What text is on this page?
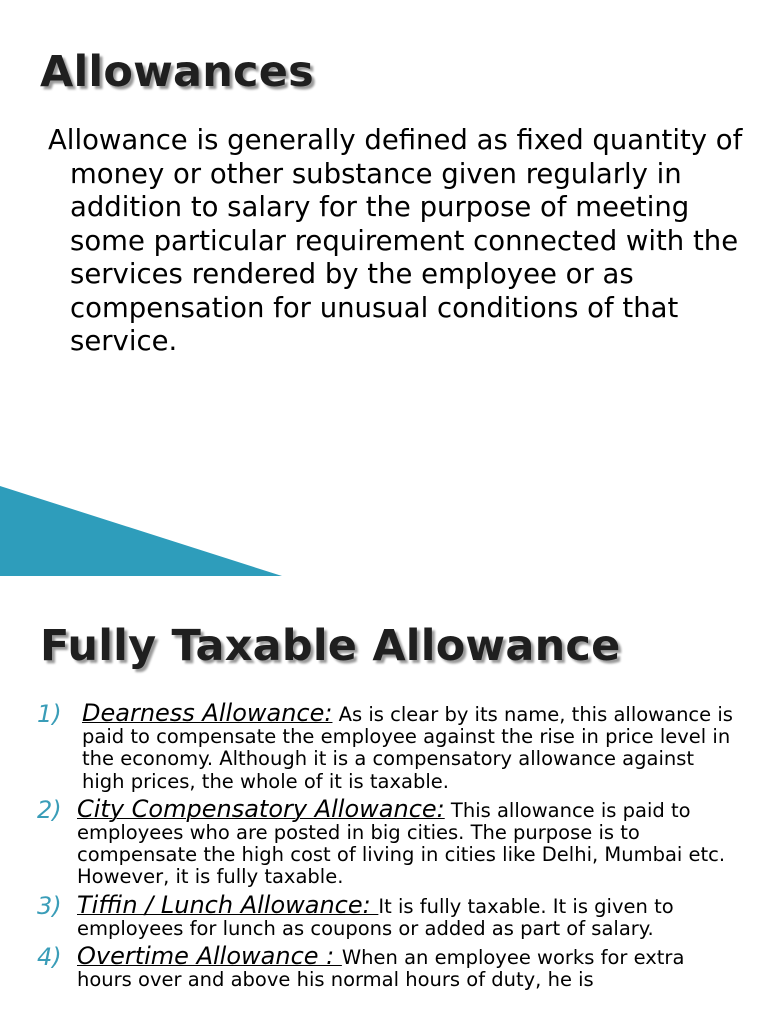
Allowances

Allowance is generally defined as fixed quantity of money or other substance given regularly in addition to salary for the purpose of meeting some particular requirement connected with the services rendered by the employee or as compensation for unusual conditions of that service.

Fully Taxable Allowance
1) Dearness Allowance: As is clear by its name, this allowance is paid to compensate the employee against the rise in price level in the economy. Although it is a compensatory allowance against high prices, the whole of it is taxable.
2) City Compensatory Allowance: This allowance is paid to employees who are posted in big cities. The purpose is to compensate the high cost of living in cities like Delhi, Mumbai etc. However, it is fully taxable.
3) Tiffin / Lunch Allowance: It is fully taxable. It is given to employees for lunch as coupons or added as part of salary.
4) Overtime Allowance : When an employee works for extra hours over and above his normal hours of duty, he is
